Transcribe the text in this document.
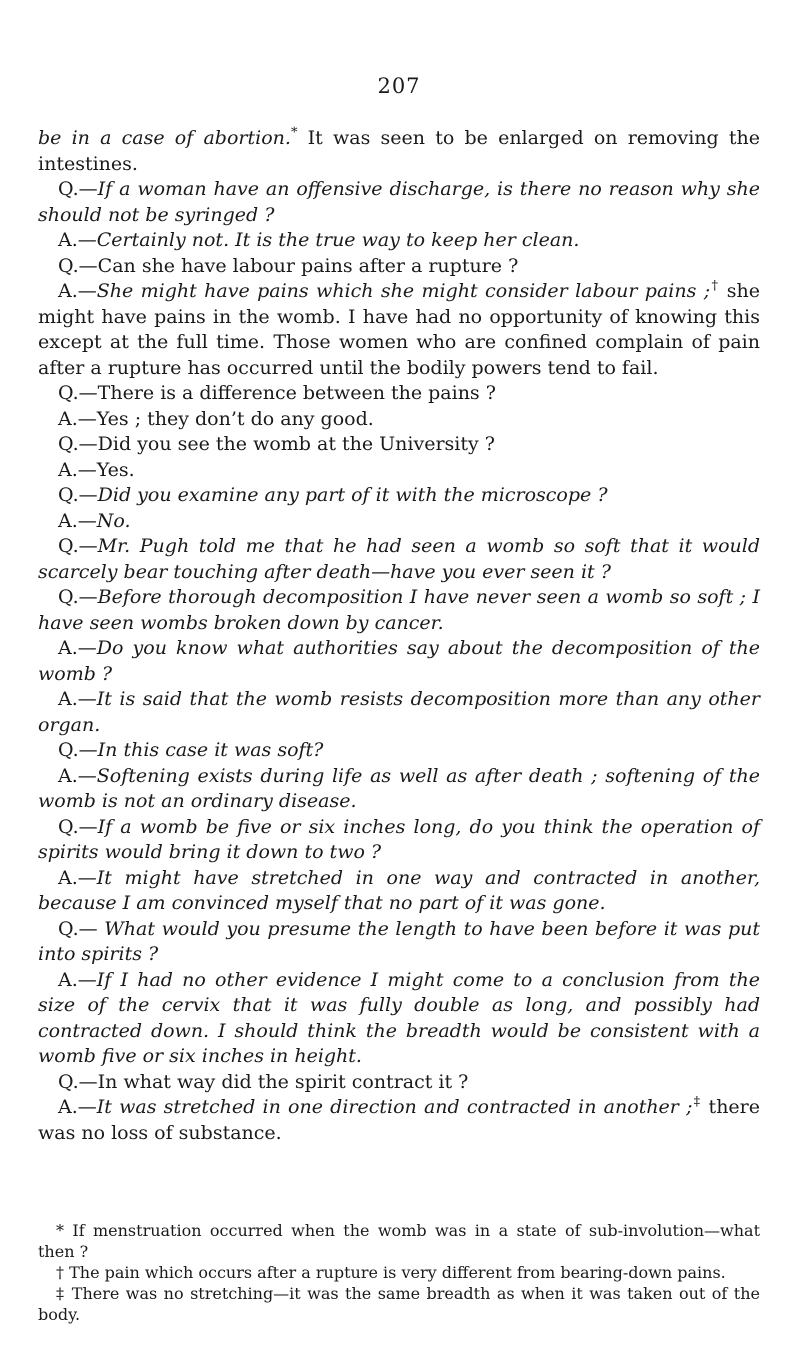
207

be in a case of abortion.* It was seen to be enlarged on removing the intestines.

Q.—If a woman have an offensive discharge, is there no reason why she should not be syringed ?

A.—Certainly not. It is the true way to keep her clean.

Q.—Can she have labour pains after a rupture ?

A.—She might have pains which she might consider labour pains ;† she might have pains in the womb. I have had no opportunity of knowing this except at the full time. Those women who are confined complain of pain after a rupture has occurred until the bodily powers tend to fail.

Q.—There is a difference between the pains ?

A.—Yes ; they don’t do any good.

Q.—Did you see the womb at the University ?

A.—Yes.

Q.—Did you examine any part of it with the microscope ?

A.—No.

Q.—Mr. Pugh told me that he had seen a womb so soft that it would scarcely bear touching after death—have you ever seen it ?

Q.—Before thorough decomposition I have never seen a womb so soft ; I have seen wombs broken down by cancer.

A.—Do you know what authorities say about the decomposition of the womb ?

A.—It is said that the womb resists decomposition more than any other organ.

Q.—In this case it was soft?

A.—Softening exists during life as well as after death ; softening of the womb is not an ordinary disease.

Q.—If a womb be five or six inches long, do you think the operation of spirits would bring it down to two ?

A.—It might have stretched in one way and contracted in another, because I am convinced myself that no part of it was gone.

Q.— What would you presume the length to have been before it was put into spirits ?

A.—If I had no other evidence I might come to a conclusion from the size of the cervix that it was fully double as long, and possibly had contracted down. I should think the breadth would be consistent with a womb five or six inches in height.

Q.—In what way did the spirit contract it ?

A.—It was stretched in one direction and contracted in another ;‡ there was no loss of substance.

* If menstruation occurred when the womb was in a state of sub-involution—what then ?

† The pain which occurs after a rupture is very different from bearing-down pains.

‡ There was no stretching—it was the same breadth as when it was taken out of the body.
